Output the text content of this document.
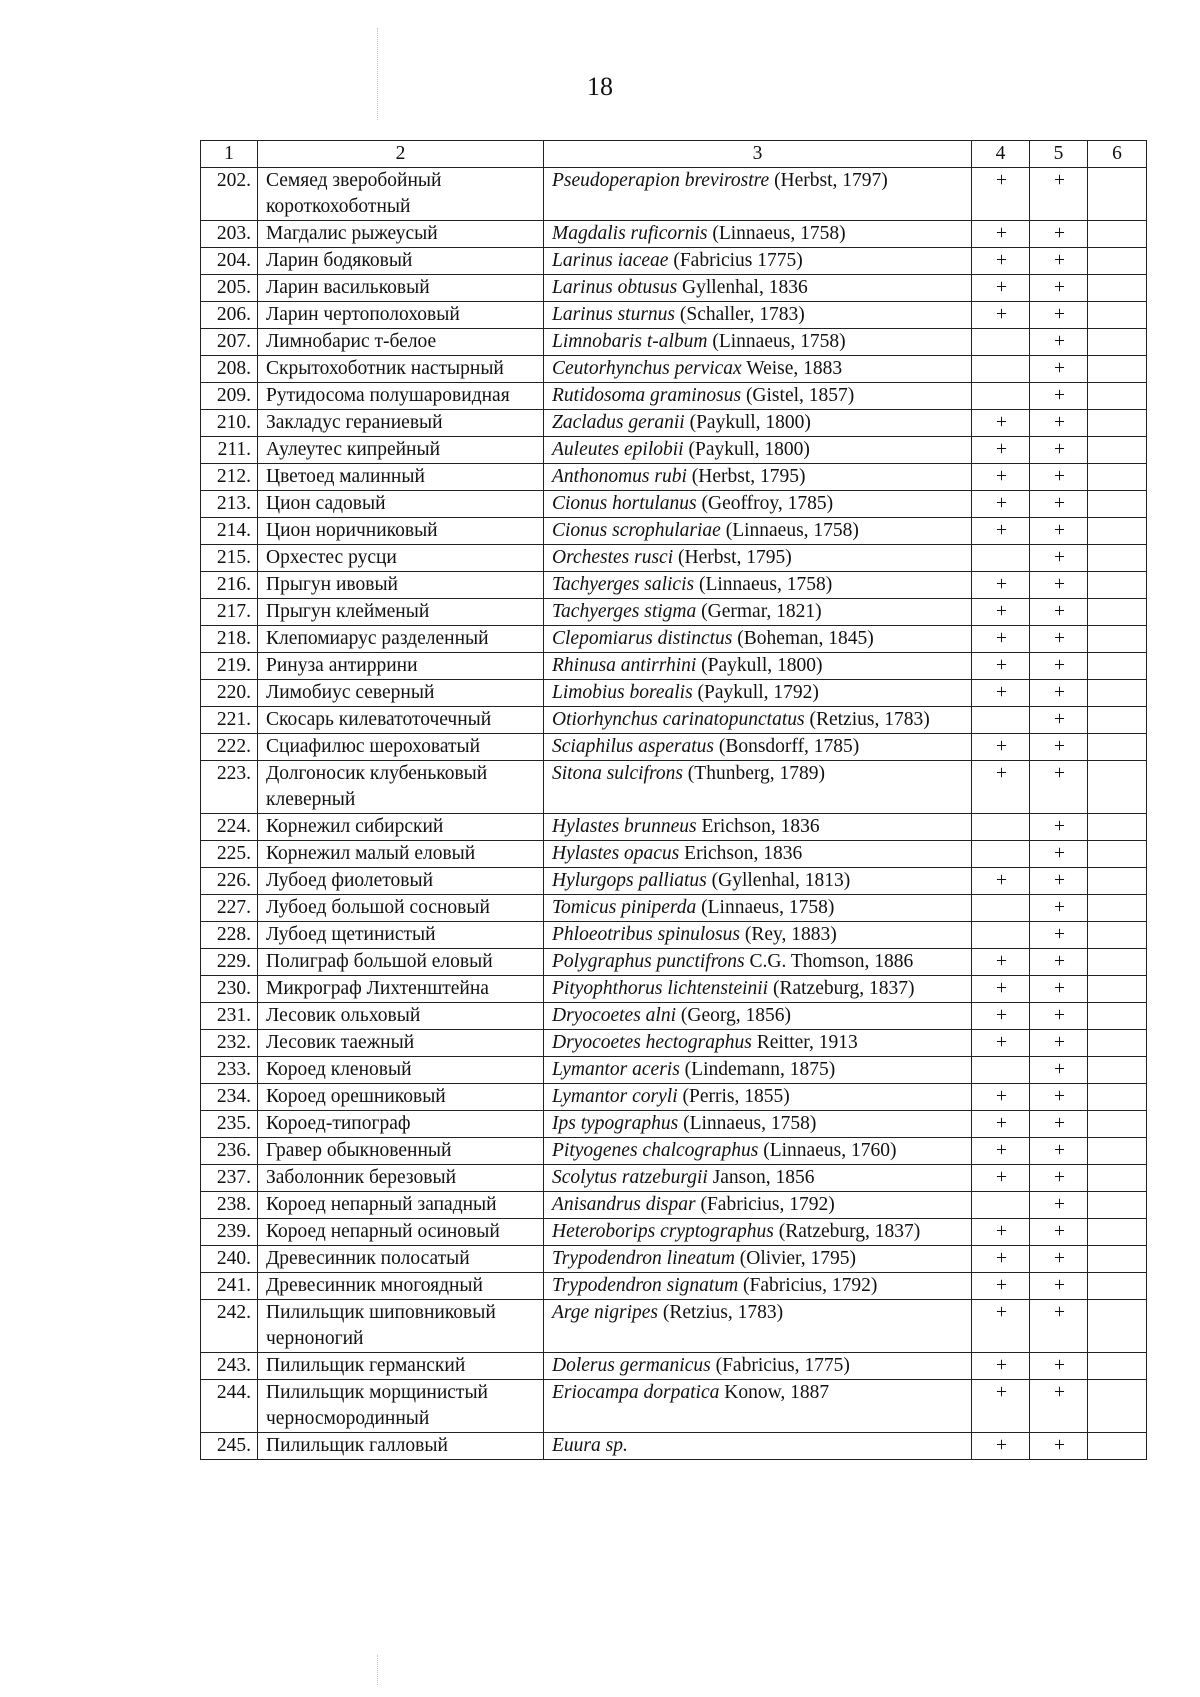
18
1	2	3	4	5	6
202.	Семяед зверобойный короткохоботный	Pseudoperapion brevirostre (Herbst, 1797)	+	+	
203.	Магдалис рыжеусый	Magdalis ruficornis (Linnaeus, 1758)	+	+	
204.	Ларин бодяковый	Larinus iaceae (Fabricius 1775)	+	+	
205.	Ларин васильковый	Larinus obtusus Gyllenhal, 1836	+	+	
206.	Ларин чертополоховый	Larinus sturnus (Schaller, 1783)	+	+	
207.	Лимнобарис т-белое	Limnobaris t-album (Linnaeus, 1758)		+	
208.	Скрытохоботник настырный	Ceutorhynchus pervicax Weise, 1883		+	
209.	Рутидосома полушаровидная	Rutidosoma graminosus (Gistel, 1857)		+	
210.	Закладус гераниевый	Zacladus geranii (Paykull, 1800)	+	+	
211.	Аулеутес кипрейный	Auleutes epilobii (Paykull, 1800)	+	+	
212.	Цветоед малинный	Anthonomus rubi (Herbst, 1795)	+	+	
213.	Цион садовый	Cionus hortulanus (Geoffroy, 1785)	+	+	
214.	Цион норичниковый	Cionus scrophulariae (Linnaeus, 1758)	+	+	
215.	Орхестес русци	Orchestes rusci (Herbst, 1795)		+	
216.	Прыгун ивовый	Tachyerges salicis (Linnaeus, 1758)	+	+	
217.	Прыгун клейменый	Tachyerges stigma (Germar, 1821)	+	+	
218.	Клепомиарус разделенный	Clepomiarus distinctus (Boheman, 1845)	+	+	
219.	Ринуза антиррини	Rhinusa antirrhini (Paykull, 1800)	+	+	
220.	Лимобиус северный	Limobius borealis (Paykull, 1792)	+	+	
221.	Скосарь килеватоточечный	Otiorhynchus carinatopunctatus (Retzius, 1783)		+	
222.	Сциафилюс шероховатый	Sciaphilus asperatus (Bonsdorff, 1785)	+	+	
223.	Долгоносик клубеньковый клеверный	Sitona sulcifrons (Thunberg, 1789)	+	+	
224.	Корнежил сибирский	Hylastes brunneus Erichson, 1836		+	
225.	Корнежил малый еловый	Hylastes opacus Erichson, 1836		+	
226.	Лубоед фиолетовый	Hylurgops palliatus (Gyllenhal, 1813)	+	+	
227.	Лубоед большой сосновый	Tomicus piniperda (Linnaeus, 1758)		+	
228.	Лубоед щетинистый	Phloeotribus spinulosus (Rey, 1883)		+	
229.	Полиграф большой еловый	Polygraphus punctifrons C.G. Thomson, 1886	+	+	
230.	Микрограф Лихтенштейна	Pityophthorus lichtensteinii (Ratzeburg, 1837)	+	+	
231.	Лесовик ольховый	Dryocoetes alni (Georg, 1856)	+	+	
232.	Лесовик таежный	Dryocoetes hectographus Reitter, 1913	+	+	
233.	Короед кленовый	Lymantor aceris (Lindemann, 1875)		+	
234.	Короед орешниковый	Lymantor coryli (Perris, 1855)	+	+	
235.	Короед-типограф	Ips typographus (Linnaeus, 1758)	+	+	
236.	Гравер обыкновенный	Pityogenes chalcographus (Linnaeus, 1760)	+	+	
237.	Заболонник березовый	Scolytus ratzeburgii Janson, 1856	+	+	
238.	Короед непарный западный	Anisandrus dispar (Fabricius, 1792)		+	
239.	Короед непарный осиновый	Heteroborips cryptographus (Ratzeburg, 1837)	+	+	
240.	Древесинник полосатый	Trypodendron lineatum (Olivier, 1795)	+	+	
241.	Древесинник многоядный	Trypodendron signatum (Fabricius, 1792)	+	+	
242.	Пилильщик шиповниковый черноногий	Arge nigripes (Retzius, 1783)	+	+	
243.	Пилильщик германский	Dolerus germanicus (Fabricius, 1775)	+	+	
244.	Пилильщик морщинистый черносмородинный	Eriocampa dorpatica Konow, 1887	+	+	
245.	Пилильщик галловый	Euura sp.	+	+	
